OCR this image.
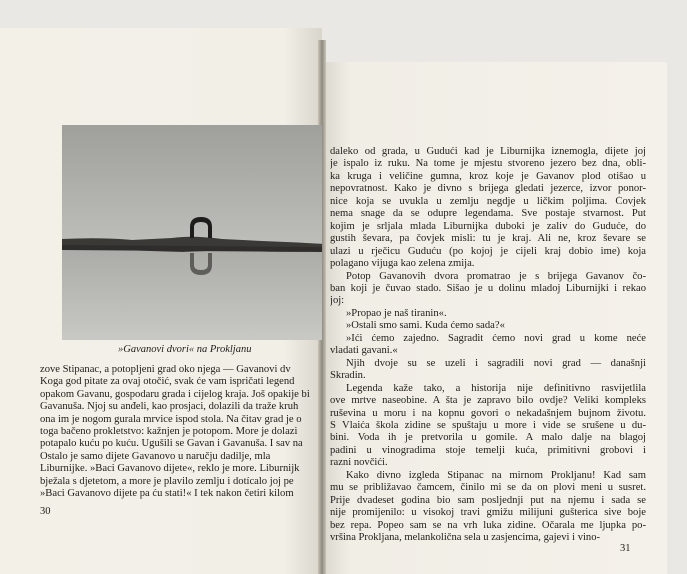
»Gavanovi dvori« na Prokljanu
zove Stipanac, a potopljeni grad oko njega — Gavanovi dv
Koga god pitate za ovaj otočić, svak će vam ispričati legend
opakom Gavanu, gospodaru grada i cijelog kraja. Još opakije bi
Gavanuša. Njoj su anđeli, kao prosjaci, dolazili da traže kruh
ona im je nogom gurala mrvice ispod stola. Na čitav grad je o
toga bačeno prokletstvo: kažnjen je potopom. More je dolazi
potapalo kuću po kuću. Ugušili se Gavan i Gavanuša. I sav na
Ostalo je samo dijete Gavanovo u naručju dadilje, mla
Liburnijke. »Baci Gavanovo dijete«, reklo je more. Liburnijk
bježala s djetetom, a more je plavilo zemlju i dotícalo joj pe
»Baci Gavanovo dijete pa ću stati!« I tek nakon četiri kilom
30
daleko od grada, u Gudući kad je Liburnijka iznemogla, dijete joj
je ispalo iz ruku. Na tome je mjestu stvoreno jezero bez dna, obli-
ka kruga i veličine gumna, kroz koje je Gavanov plod otišao u
nepovratnost. Kako je divno s brijega gledati jezerce, izvor ponor-
nice koja se uvukla u zemlju negdje u ličkim poljima. Čovjek
nema snage da se odupre legendama. Sve postaje stvarnost. Put
kojim je srljala mlada Liburnijka duboki je zaliv do Guduće, do
gustih ševara, pa čovjek misli: tu je kraj. Ali ne, kroz ševare se
ulazi u rječicu Guduću (po kojoj je cijeli kraj dobio ime) koja
polagano vijuga kao zelena zmija.
Potop Gavanovih dvora promatrao je s brijega Gavanov čo-
ban koji je čuvao stado. Sišao je u dolinu mladoj Liburnijki i rekao
joj:
»Propao je naš tiranin«.
»Ostali smo sami. Kuda ćemo sada?«
»Ići ćemo zajedno. Sagradit ćemo novi grad u kome neće
vladati gavani.«
Njih dvoje su se uzeli i sagradili novi grad — današnji
Skradin.
Legenda kaže tako, a historija nije definitivno rasvijetlila
ove mrtve naseobine. A šta je zapravo bilo ovdje? Veliki kompleks
ruševina u moru i na kopnu govori o nekadašnjem bujnom životu.
S Vlaića škola zidine se spuštaju u more i vide se srušene u du-
bini. Voda ih je pretvorila u gomile. A malo dalje na blagoj
padini u vinogradima stoje temelji kuća, primitivni grobovi i
razni novčići.
Kako divno izgleda Stipanac na mirnom Prokljanu! Kad sam
mu se približavao čamcem, činilo mi se da on plovi meni u susret.
Prije dvadeset godina bio sam posljednji put na njemu i sada se
nije promijenilo: u visokoj travi gmižu milijuni gušterica sive boje
bez repa. Popeo sam se na vrh luka zidine. Očarala me ljupka po-
vršina Prokljana, melankolična sela u zasjencima, gajevi i vino-
31
